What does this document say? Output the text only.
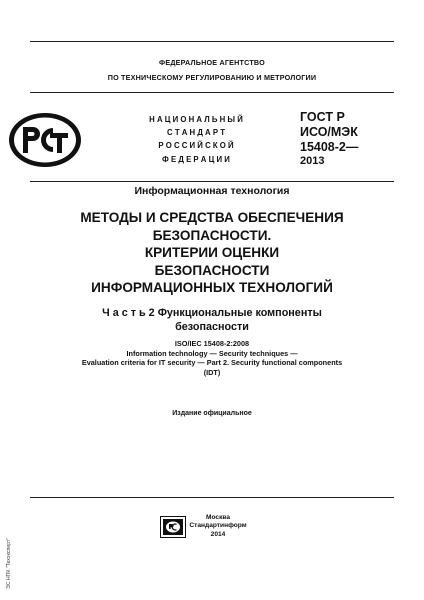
ФЕДЕРАЛЬНОЕ АГЕНТСТВО
ПО ТЕХНИЧЕСКОМУ РЕГУЛИРОВАНИЮ И МЕТРОЛОГИИ
Н А Ц И О Н А Л Ь Н Ы Й
С Т А Н Д А Р Т
Р О С С И Й С К О Й
Ф Е Д Е Р А Ц И И
ГОСТ Р
ИСО/МЭК
15408-2—
2013
Информационная технология
МЕТОДЫ И СРЕДСТВА ОБЕСПЕЧЕНИЯ
БЕЗОПАСНОСТИ.
КРИТЕРИИ ОЦЕНКИ
БЕЗОПАСНОСТИ
ИНФОРМАЦИОННЫХ ТЕХНОЛОГИЙ
Ч а с т ь 2 Функциональные компоненты
безопасности
ISO/IEC 15408-2:2008
Information technology — Security techniques —
Evaluation criteria for IT security — Part 2. Security functional components
(IDT)
Издание официальное
Москва
Стандартинформ
2014
ЭС НПК "Техэксперт"
